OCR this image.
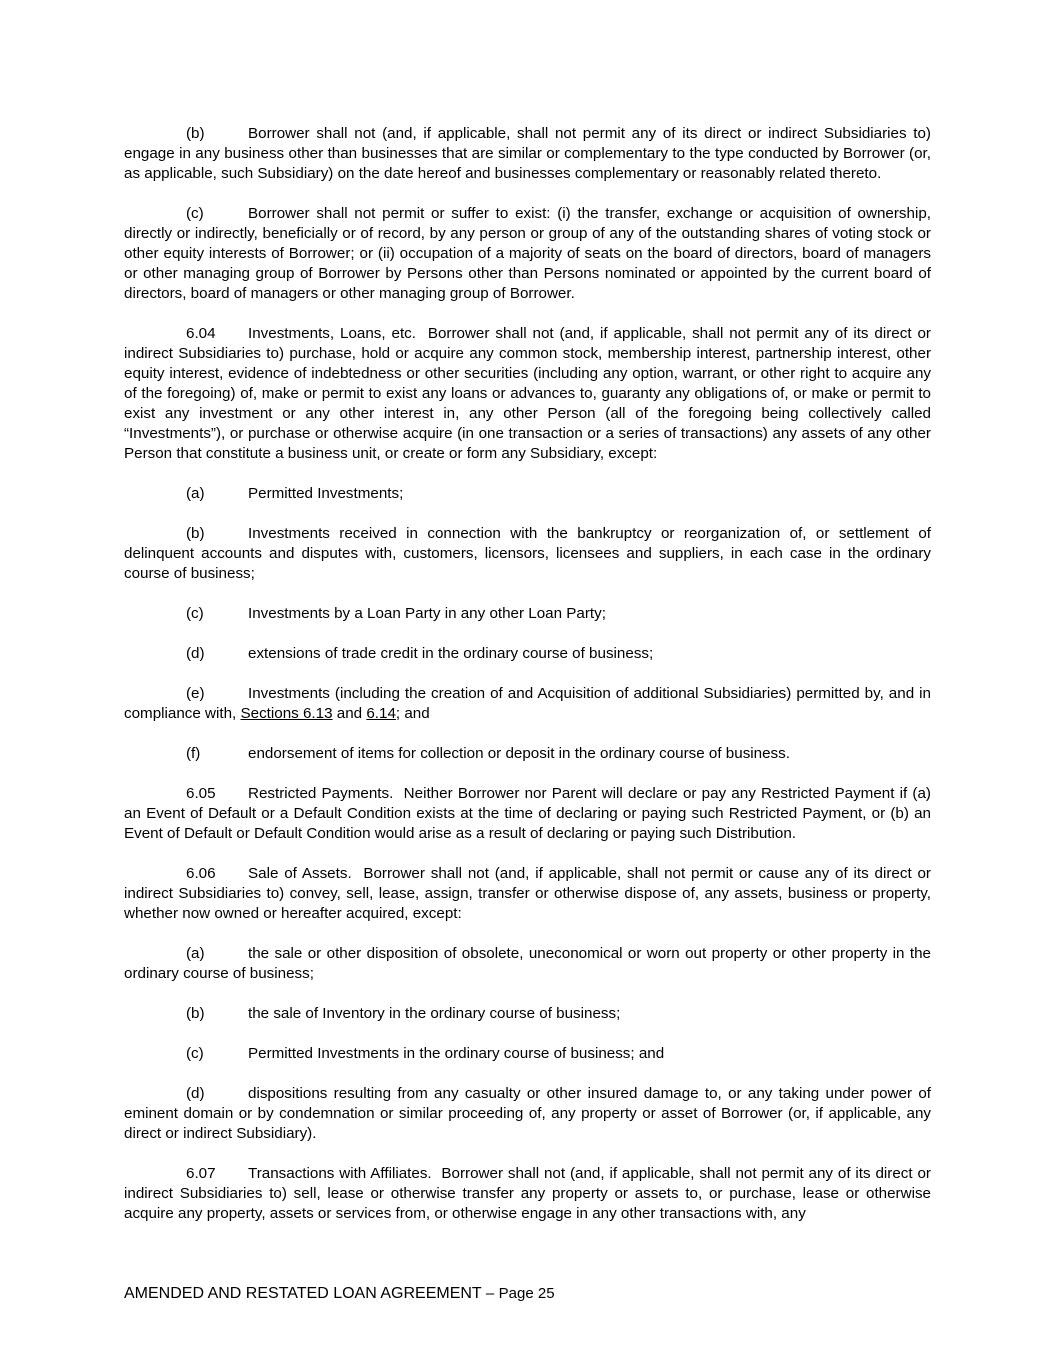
(b)	Borrower shall not (and, if applicable, shall not permit any of its direct or indirect Subsidiaries to) engage in any business other than businesses that are similar or complementary to the type conducted by Borrower (or, as applicable, such Subsidiary) on the date hereof and businesses complementary or reasonably related thereto.

(c)	Borrower shall not permit or suffer to exist: (i) the transfer, exchange or acquisition of ownership, directly or indirectly, beneficially or of record, by any person or group of any of the outstanding shares of voting stock or other equity interests of Borrower; or (ii) occupation of a majority of seats on the board of directors, board of managers or other managing group of Borrower by Persons other than Persons nominated or appointed by the current board of directors, board of managers or other managing group of Borrower.

6.04 Investments, Loans, etc. Borrower shall not (and, if applicable, shall not permit any of its direct or indirect Subsidiaries to) purchase, hold or acquire any common stock, membership interest, partnership interest, other equity interest, evidence of indebtedness or other securities (including any option, warrant, or other right to acquire any of the foregoing) of, make or permit to exist any loans or advances to, guaranty any obligations of, or make or permit to exist any investment or any other interest in, any other Person (all of the foregoing being collectively called “Investments”), or purchase or otherwise acquire (in one transaction or a series of transactions) any assets of any other Person that constitute a business unit, or create or form any Subsidiary, except:

(a)	Permitted Investments;

(b)	Investments received in connection with the bankruptcy or reorganization of, or settlement of delinquent accounts and disputes with, customers, licensors, licensees and suppliers, in each case in the ordinary course of business;

(c)	Investments by a Loan Party in any other Loan Party;

(d)	extensions of trade credit in the ordinary course of business;

(e)	Investments (including the creation of and Acquisition of additional Subsidiaries) permitted by, and in compliance with, Sections 6.13 and 6.14; and

(f)	endorsement of items for collection or deposit in the ordinary course of business.

6.05 Restricted Payments. Neither Borrower nor Parent will declare or pay any Restricted Payment if (a) an Event of Default or a Default Condition exists at the time of declaring or paying such Restricted Payment, or (b) an Event of Default or Default Condition would arise as a result of declaring or paying such Distribution.

6.06 Sale of Assets. Borrower shall not (and, if applicable, shall not permit or cause any of its direct or indirect Subsidiaries to) convey, sell, lease, assign, transfer or otherwise dispose of, any assets, business or property, whether now owned or hereafter acquired, except:

(a)	the sale or other disposition of obsolete, uneconomical or worn out property or other property in the ordinary course of business;

(b)	the sale of Inventory in the ordinary course of business;

(c)	Permitted Investments in the ordinary course of business; and

(d)	dispositions resulting from any casualty or other insured damage to, or any taking under power of eminent domain or by condemnation or similar proceeding of, any property or asset of Borrower (or, if applicable, any direct or indirect Subsidiary).

6.07 Transactions with Affiliates. Borrower shall not (and, if applicable, shall not permit any of its direct or indirect Subsidiaries to) sell, lease or otherwise transfer any property or assets to, or purchase, lease or otherwise acquire any property, assets or services from, or otherwise engage in any other transactions with, any

AMENDED AND RESTATED LOAN AGREEMENT – Page 25
